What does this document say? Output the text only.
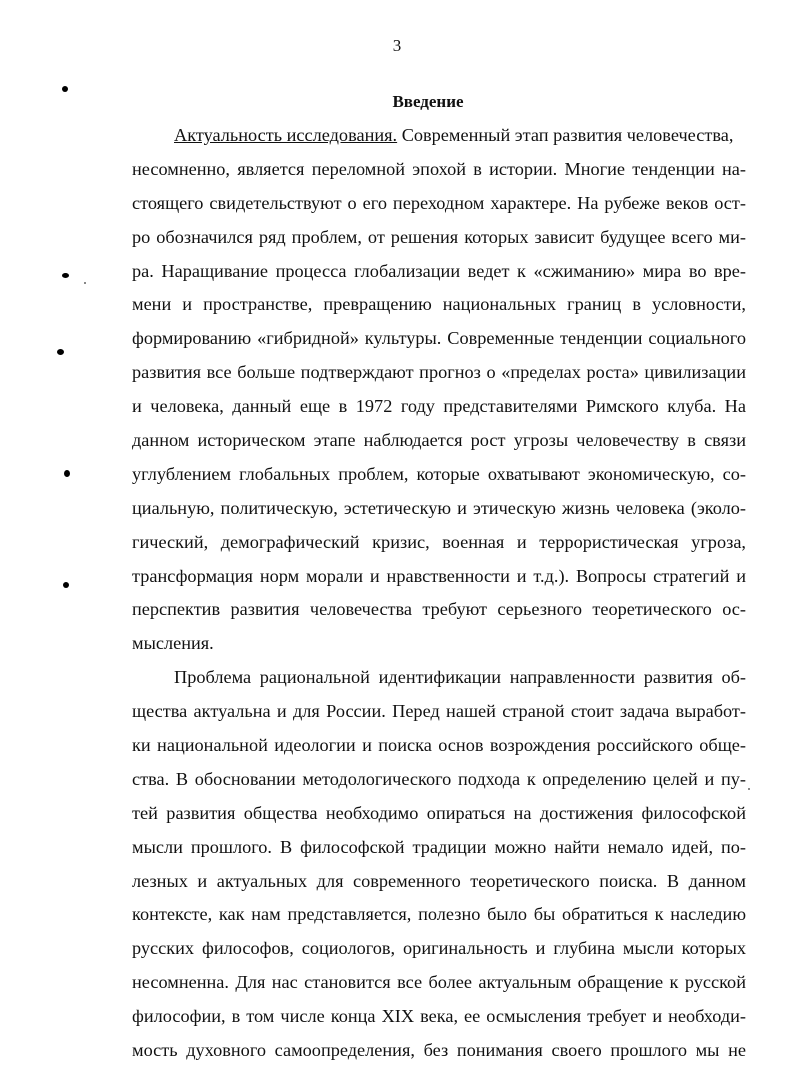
3
Введение
Актуальность исследования. Современный этап развития человечества,
несомненно, является переломной эпохой в истории. Многие тенденции на-
стоящего свидетельствуют о его переходном характере. На рубеже веков ост-
ро обозначился ряд проблем, от решения которых зависит будущее всего ми-
ра. Наращивание процесса глобализации ведет к «сжиманию» мира во вре-
мени и пространстве, превращению национальных границ в условности,
формированию «гибридной» культуры. Современные тенденции социального
развития все больше подтверждают прогноз о «пределах роста» цивилизации
и человека, данный еще в 1972 году представителями Римского клуба. На
данном историческом этапе наблюдается рост угрозы человечеству в связи
углублением глобальных проблем, которые охватывают экономическую, со-
циальную, политическую, эстетическую и этическую жизнь человека (эколо-
гический, демографический кризис, военная и террористическая угроза,
трансформация норм морали и нравственности и т.д.). Вопросы стратегий и
перспектив развития человечества требуют серьезного теоретического ос-
мысления.
Проблема рациональной идентификации направленности развития об-
щества актуальна и для России. Перед нашей страной стоит задача выработ-
ки национальной идеологии и поиска основ возрождения российского обще-
ства. В обосновании методологического подхода к определению целей и пу-
тей развития общества необходимо опираться на достижения философской
мысли прошлого. В философской традиции можно найти немало идей, по-
лезных и актуальных для современного теоретического поиска. В данном
контексте, как нам представляется, полезно было бы обратиться к наследию
русских философов, социологов, оригинальность и глубина мысли которых
несомненна. Для нас становится все более актуальным обращение к русской
философии, в том числе конца XIX века, ее осмысления требует и необходи-
мость духовного самоопределения, без понимания своего прошлого мы не
